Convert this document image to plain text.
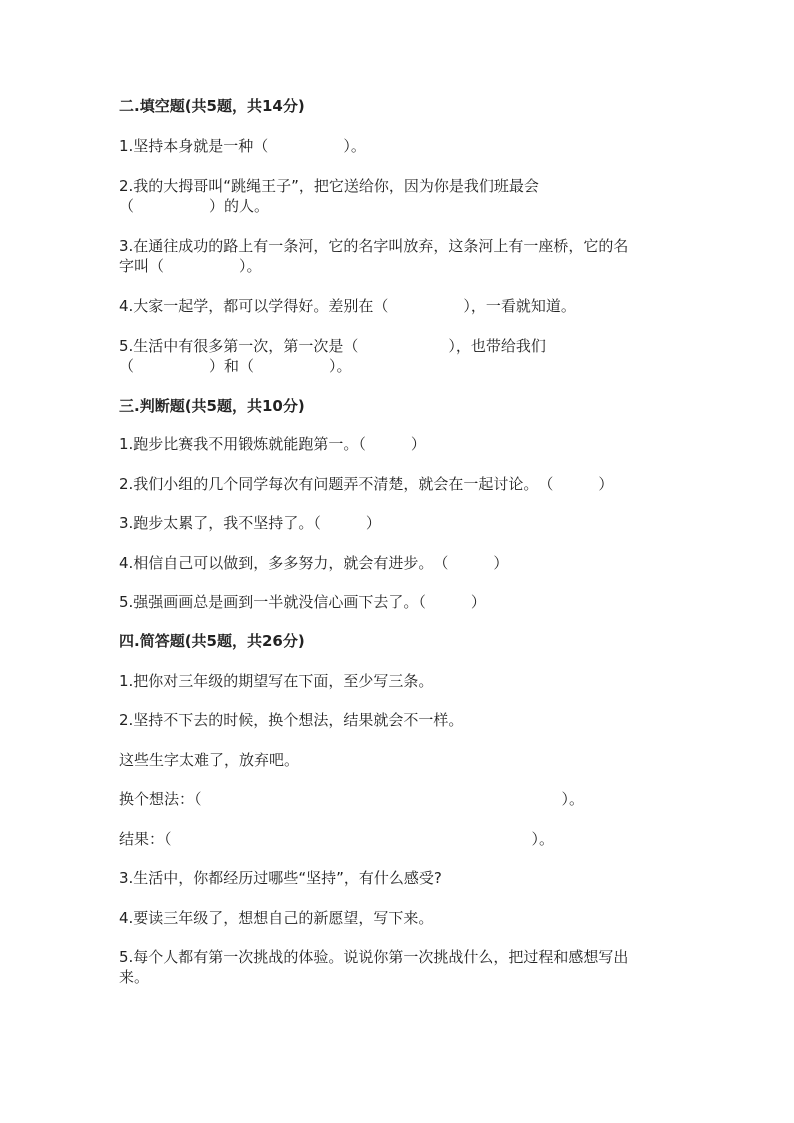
二.填空题(共5题，共14分)
1.坚持本身就是一种（　　　　　）。
2.我的大拇哥叫“跳绳王子”，把它送给你，因为你是我们班最会
（　　　　　）的人。
3.在通往成功的路上有一条河，它的名字叫放弃，这条河上有一座桥，它的名
字叫（　　　　　）。
4.大家一起学，都可以学得好。差别在（　　　　　），一看就知道。
5.生活中有很多第一次，第一次是（　　　　　　），也带给我们
（　　　　　）和（　　　　　）。
三.判断题(共5题，共10分)
1.跑步比赛我不用锻炼就能跑第一。（　　　）
2.我们小组的几个同学每次有问题弄不清楚，就会在一起讨论。　（　　　）
3.跑步太累了，我不坚持了。（　　　）
4.相信自己可以做到，多多努力，就会有进步。　（　　　）
5.强强画画总是画到一半就没信心画下去了。（　　　）
四.简答题(共5题，共26分)
1.把你对三年级的期望写在下面，至少写三条。
2.坚持不下去的时候，换个想法，结果就会不一样。
这些生字太难了，放弃吧。
换个想法：（　　　　　　　　　　　　　　　　　　　　　　　　）。
结果：（　　　　　　　　　　　　　　　　　　　　　　　　）。
3.生活中，你都经历过哪些“坚持”，有什么感受?
4.要读三年级了，想想自己的新愿望，写下来。
5.每个人都有第一次挑战的体验。说说你第一次挑战什么，把过程和感想写出
来。
